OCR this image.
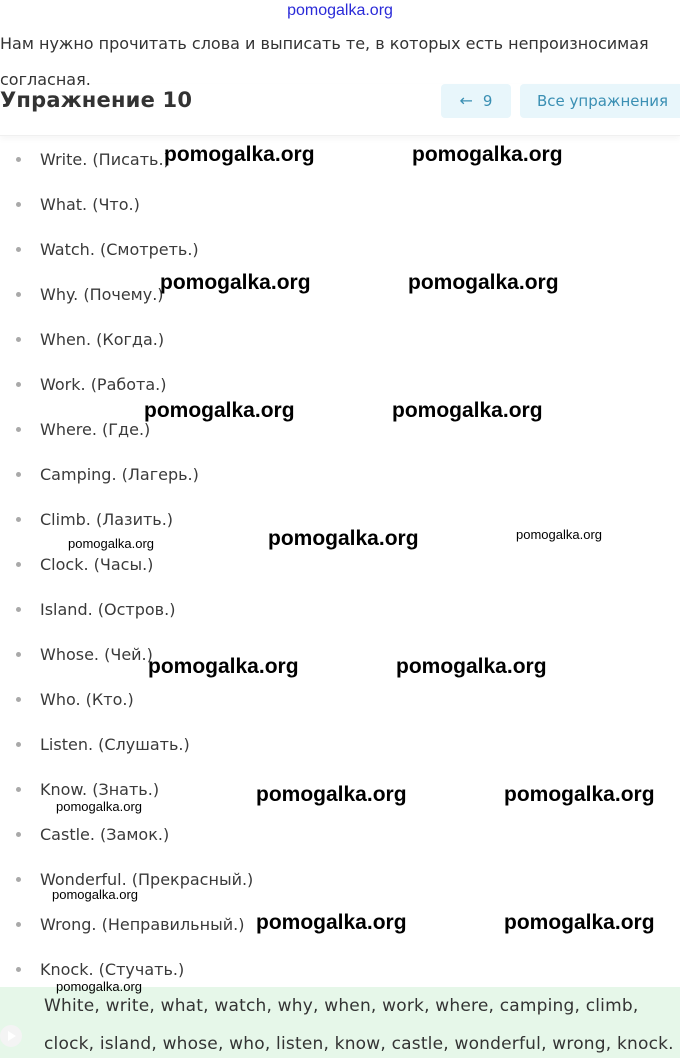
pomogalka.org

Нам нужно прочитать слова и выписать те, в которых есть непроизносимая согласная.

Упражнение 10	← 9	Все упражнения
Write. (Писать.)
What. (Что.)
Watch. (Смотреть.)
Why. (Почему.)
When. (Когда.)
Work. (Работа.)
Where. (Где.)
Camping. (Лагерь.)
Climb. (Лазить.)
Clock. (Часы.)
Island. (Остров.)
Whose. (Чей.)
Who. (Кто.)
Listen. (Слушать.)
Know. (Знать.)
Castle. (Замок.)
Wonderful. (Прекрасный.)
Wrong. (Неправильный.)
Knock. (Стучать.)

White, write, what, watch, why, when, work, where, camping, climb, clock, island, whose, who, listen, know, castle, wonderful, wrong, knock.

pomogalka.org	pomogalka.org
pomogalka.org	pomogalka.org
pomogalka.org	pomogalka.org
pomogalka.org	pomogalka.org
pomogalka.org
pomogalka.org	pomogalka.org
pomogalka.org	pomogalka.org
pomogalka.org
pomogalka.org
pomogalka.org	pomogalka.org
pomogalka.org
